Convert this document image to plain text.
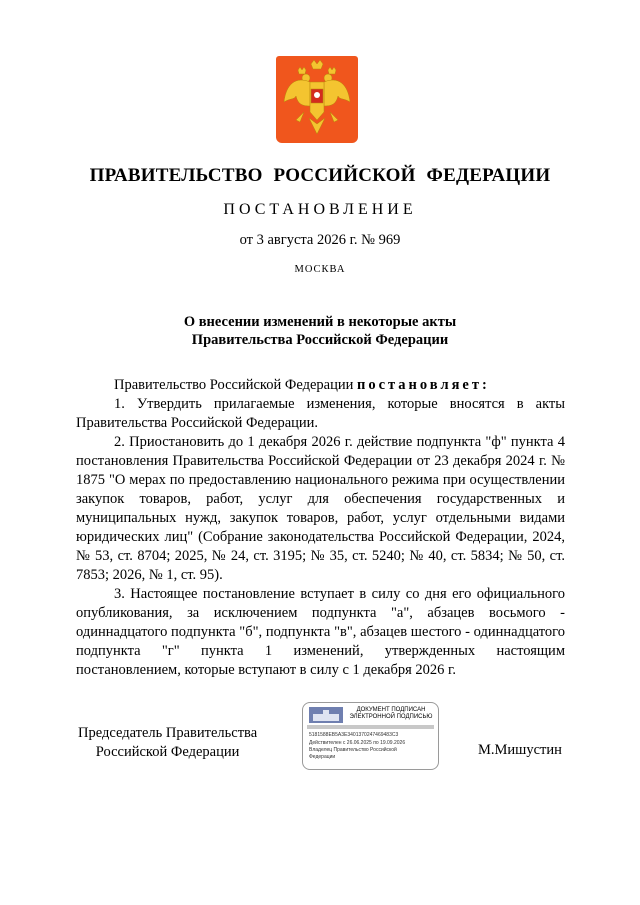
ПРАВИТЕЛЬСТВО РОССИЙСКОЙ ФЕДЕРАЦИИ
ПОСТАНОВЛЕНИЕ
от 3 августа 2026 г. № 969
МОСКВА
О внесении изменений в некоторые акты
Правительства Российской Федерации

Правительство Российской Федерации постановляет:

1. Утвердить прилагаемые изменения, которые вносятся в акты Правительства Российской Федерации.

2. Приостановить до 1 декабря 2026 г. действие подпункта "ф" пункта 4 постановления Правительства Российской Федерации от 23 декабря 2024 г. № 1875 "О мерах по предоставлению национального режима при осуществлении закупок товаров, работ, услуг для обеспечения государственных и муниципальных нужд, закупок товаров, работ, услуг отдельными видами юридических лиц" (Собрание законодательства Российской Федерации, 2024, № 53, ст. 8704; 2025, № 24, ст. 3195; № 35, ст. 5240; № 40, ст. 5834; № 50, ст. 7853; 2026, № 1, ст. 95).

3. Настоящее постановление вступает в силу со дня его официального опубликования, за исключением подпункта "а", абзацев восьмого - одиннадцатого подпункта "б", подпункта "в", абзацев шестого - одиннадцатого подпункта "г" пункта 1 изменений, утвержденных настоящим постановлением, которые вступают в силу с 1 декабря 2026 г.

Председатель Правительства
Российской Федерации
ДОКУМЕНТ ПОДПИСАН
ЭЛЕКТРОННОЙ ПОДПИСЬЮ
5181588EB5A3E3401370247469483C3
Действителен с 26.06.2025 по 19.09.2026
Владелец Правительство Российской
Федерации	М.Мишустин
